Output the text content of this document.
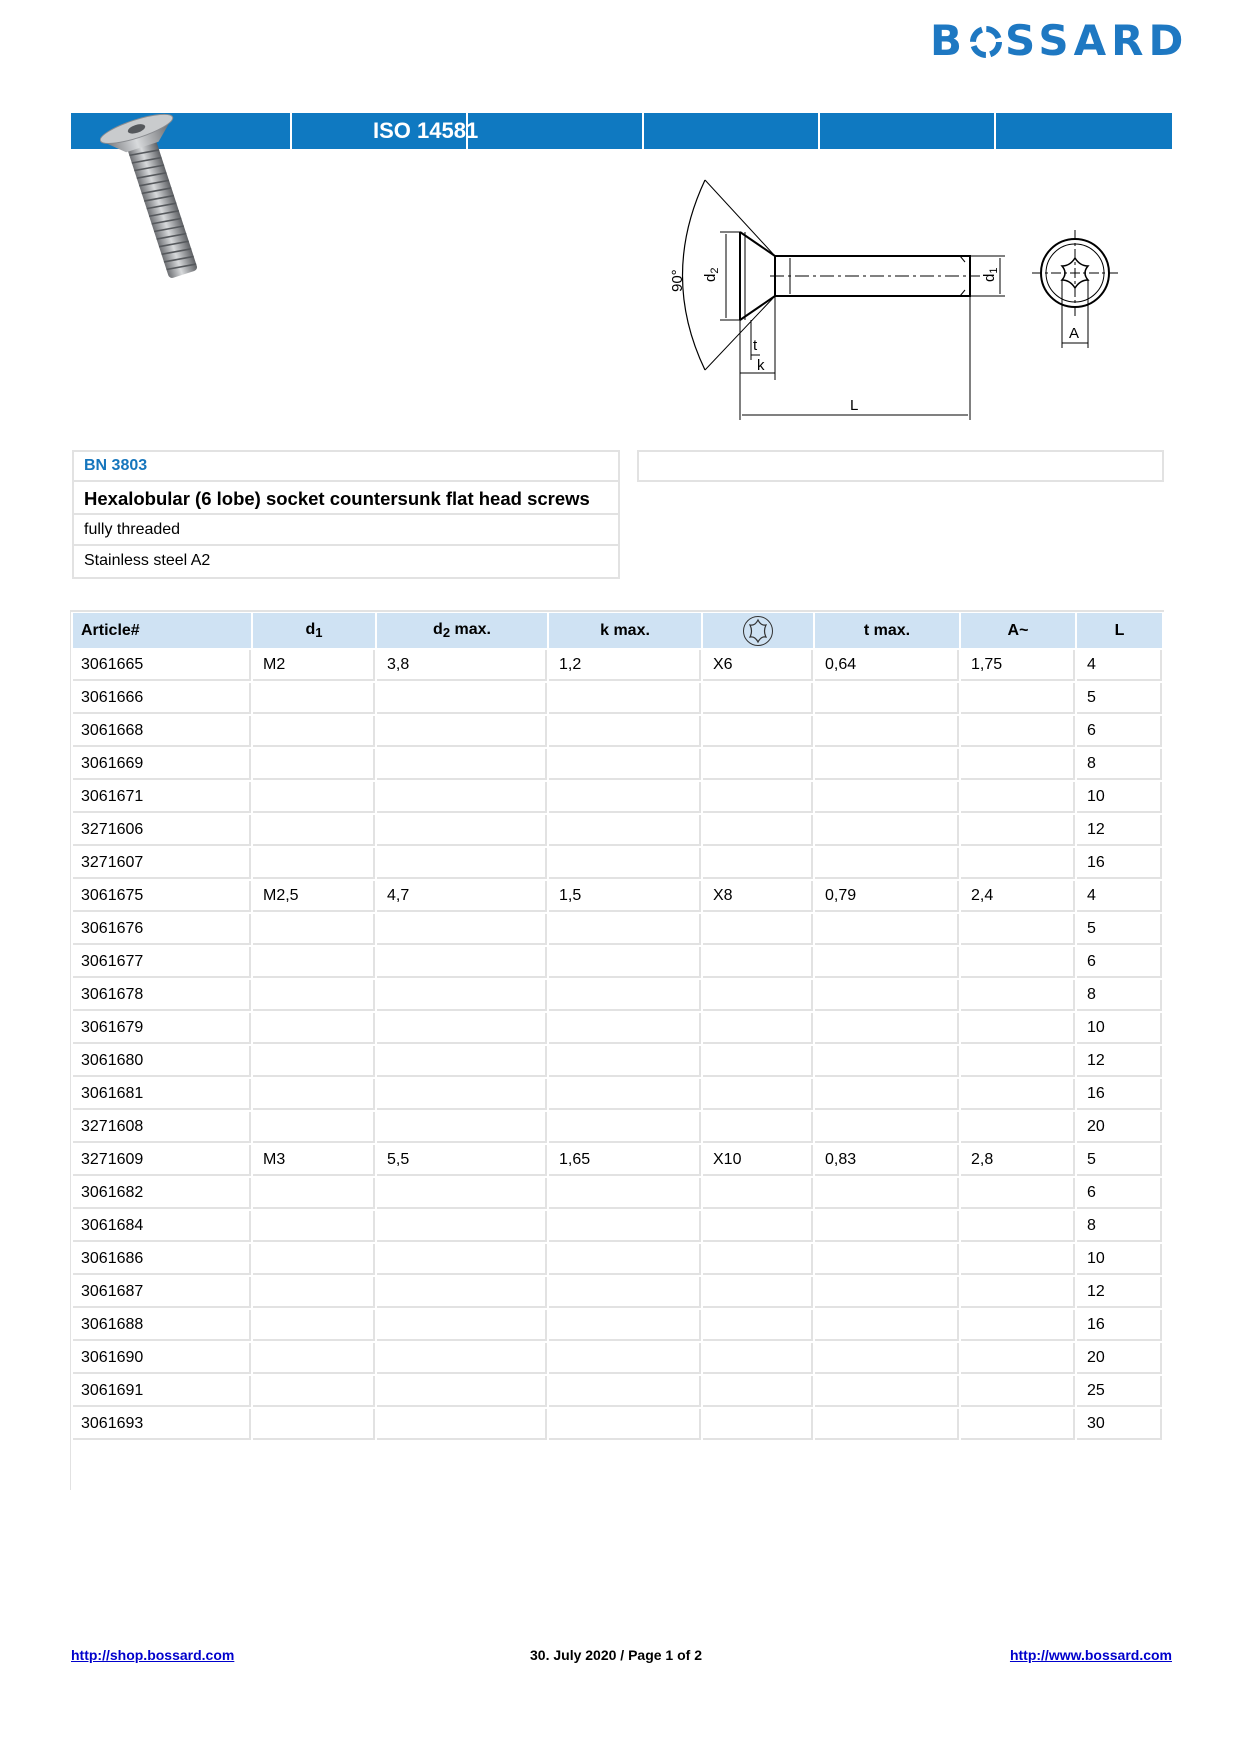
B SSARD
ISO 14581
90° $d_2$
$d_1$
t
k
L
A
BN 3803
Hexalobular (6 lobe) socket countersunk flat head screws
fully threaded
Stainless steel A2
Article#	$d_1$	$d_2$ max.	k max.		t max.	A~	L
3061665	M2	3,8	1,2	X6	0,64	1,75	4
3061666							5
3061668							6
3061669							8
3061671							10
3271606							12
3271607							16
3061675	M2,5	4,7	1,5	X8	0,79	2,4	4
3061676							5
3061677							6
3061678							8
3061679							10
3061680							12
3061681							16
3271608							20
3271609	M3	5,5	1,65	X10	0,83	2,8	5
3061682							6
3061684							8
3061686							10
3061687							12
3061688							16
3061690							20
3061691							25
3061693							30
http://shop.bossard.com	30. July 2020 / Page 1 of 2	http://www.bossard.com
